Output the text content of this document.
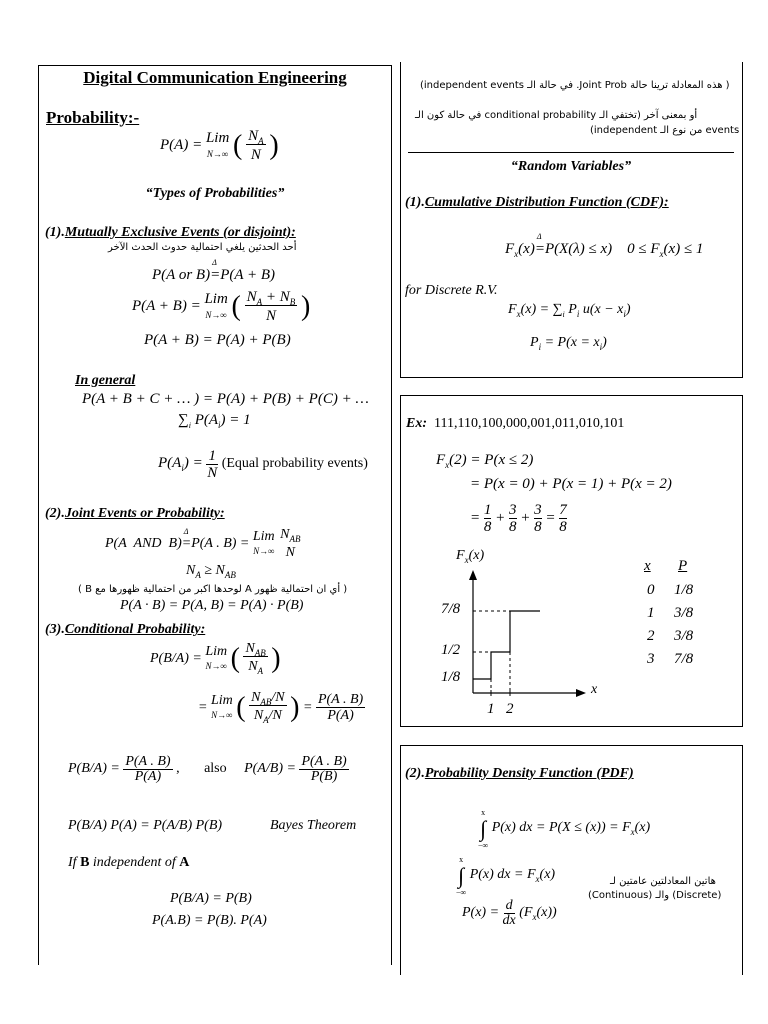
Digital Communication Engineering
Probability:-
P(A) = Lim
N→∞ ( $N_A$
N )
“Types of Probabilities”
(1).Mutually Exclusive Events (or disjoint):
أحد الحدثين يلغي احتمالية حدوث الحدث الآخر
P(A or B)=
Δ
P(A + B)
P(A + B) = Lim
N→∞ ( $N_A + N_B$
N )
P(A + B) = P(A) + P(B)
In general
P(A + B + C + … ) = P(A) + P(B) + P(C) + …
$\sum_i$ $P(A_i) = 1$
$P(A_i) = 1$
N (Equal probability events)
(2).Joint Events or Probability:
P(A  AND  B)=
Δ
P(A . B) = Lim
N→∞ $N_{AB}$
N
$N_A \ge N_{AB}$
( أي ان احتمالية ظهور A لوحدها اكبر من احتمالية ظهورها مع B )
P(A · B) = P(A, B) = P(A) · P(B)
(3).Conditional Probability:
P(B/A) = Lim
N→∞ ( $N_{AB}$
$N_A$ )
= Lim
N→∞ ( $N_{AB}/N$
$N_A/N$ ) = P(A . B)
P(A)
P(B/A) = P(A . B)
P(A) ,       also     P(A/B) = P(A . B)
P(B)
P(B/A) P(A) = P(A/B) P(B)	Bayes Theorem
If B independent of A
P(B/A) = P(B)
P(A.B) = P(B). P(A)
( هذه المعادلة ترينا حالة Joint Prob. في حالة الـ independent events)
أو بمعنى آخر (تختفي الـ conditional probability في حالة كون الـ
events من نوع الـ independent)
“Random Variables”
(1).Cumulative Distribution Function (CDF):
$F_x(x)=$
Δ
P(X(λ) ≤ x)    $0 \le F_x(x) \le 1$
for Discrete R.V.
$F_x(x) = \sum_i$ $P_i$ $u(x - x_i)$
$P_i = P(x = x_i)$
Ex: 111,110,100,000,001,011,010,101
$F_x(2) = P(x \le 2)$
= P(x = 0) + P(x = 1) + P(x = 2)
= 1
8 + 3
8 + 3
8 = 7
8
$F_x(x)$
7/8
1/2
1/8
1 2
x
x P
0 1/8
1 3/8
2 3/8
3 7/8
(2).Probability Density Function (PDF)
x
∫
−∞ P(x) dx = $P(X \le (x)) = F_x(x)$
x
∫
−∞ P(x) dx = $F_x(x)$
P(x) = d
dx $(F_x(x))$
هاتين المعادلتين عامتين لـ
(Discrete) والـ (Continuous)
